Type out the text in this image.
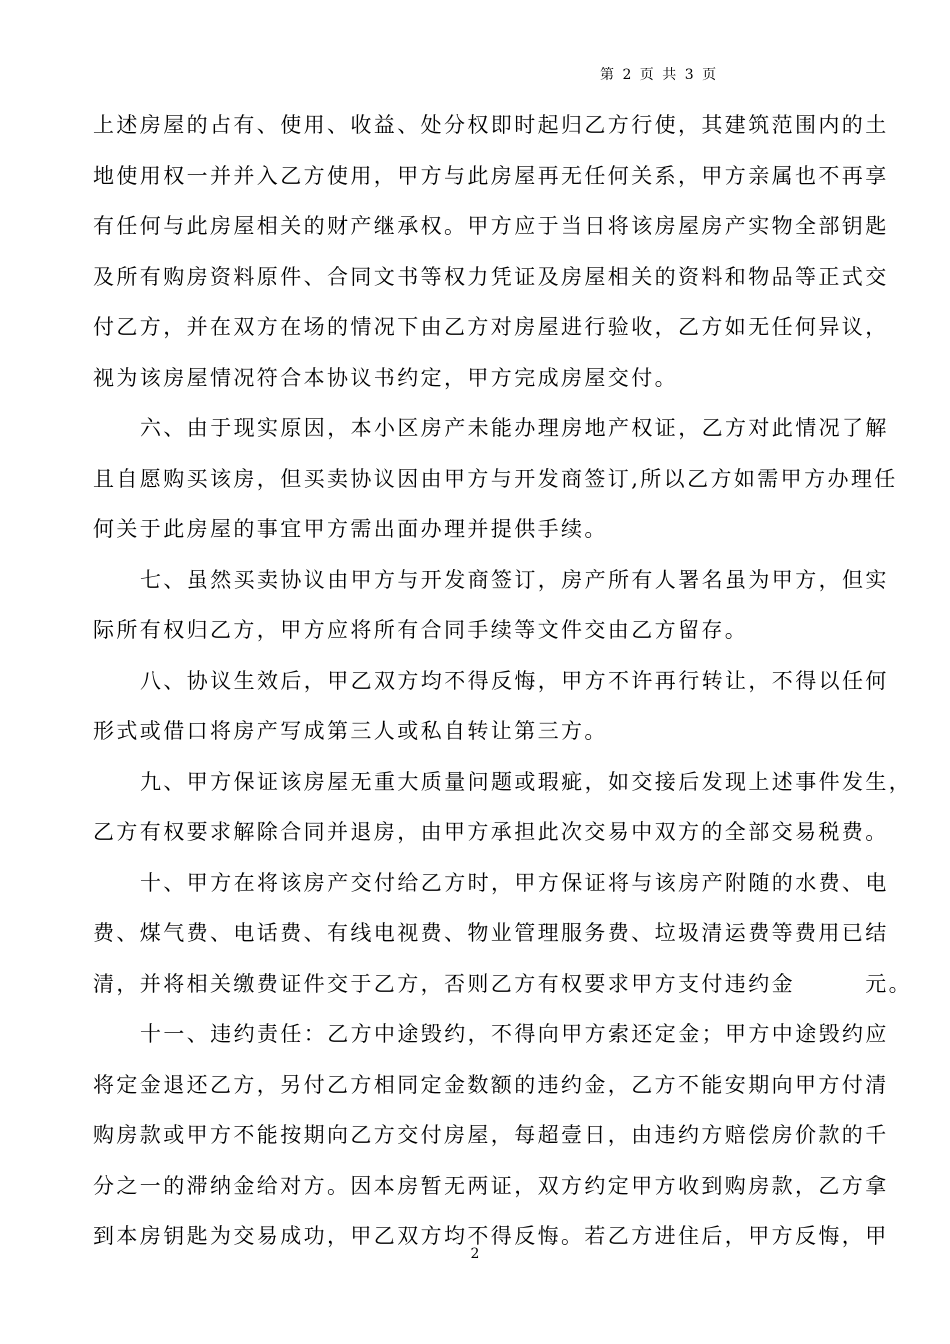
第 2 页 共 3 页
上述房屋的占有、使用、收益、处分权即时起归乙方行使，其建筑范围内的土
地使用权一并并入乙方使用，甲方与此房屋再无任何关系，甲方亲属也不再享
有任何与此房屋相关的财产继承权。甲方应于当日将该房屋房产实物全部钥匙
及所有购房资料原件、合同文书等权力凭证及房屋相关的资料和物品等正式交
付乙方，并在双方在场的情况下由乙方对房屋进行验收，乙方如无任何异议，
视为该房屋情况符合本协议书约定，甲方完成房屋交付。
六、由于现实原因，本小区房产未能办理房地产权证，乙方对此情况了解
且自愿购买该房，但买卖协议因由甲方与开发商签订,所以乙方如需甲方办理任
何关于此房屋的事宜甲方需出面办理并提供手续。
七、虽然买卖协议由甲方与开发商签订，房产所有人署名虽为甲方，但实
际所有权归乙方，甲方应将所有合同手续等文件交由乙方留存。
八、协议生效后，甲乙双方均不得反悔，甲方不许再行转让，不得以任何
形式或借口将房产写成第三人或私自转让第三方。
九、甲方保证该房屋无重大质量问题或瑕疵，如交接后发现上述事件发生，
乙方有权要求解除合同并退房，由甲方承担此次交易中双方的全部交易税费。
十、甲方在将该房产交付给乙方时，甲方保证将与该房产附随的水费、电
费、煤气费、电话费、有线电视费、物业管理服务费、垃圾清运费等费用已结
清，并将相关缴费证件交于乙方，否则乙方有权要求甲方支付违约金　　　元。
十一、违约责任：乙方中途毁约，不得向甲方索还定金；甲方中途毁约应
将定金退还乙方，另付乙方相同定金数额的违约金，乙方不能安期向甲方付清
购房款或甲方不能按期向乙方交付房屋，每超壹日，由违约方赔偿房价款的千
分之一的滞纳金给对方。因本房暂无两证，双方约定甲方收到购房款，乙方拿
到本房钥匙为交易成功，甲乙双方均不得反悔。若乙方进住后，甲方反悔，甲
2
